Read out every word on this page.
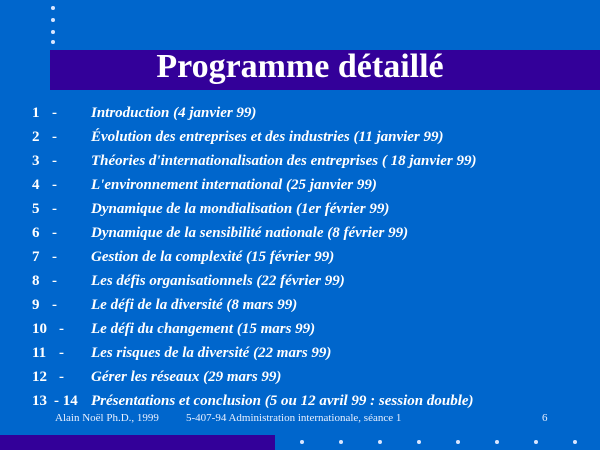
Programme détaillé
1 - Introduction (4 janvier 99)
2 - Évolution des entreprises et des industries (11 janvier 99)
3 - Théories d'internationalisation des entreprises ( 18 janvier 99)
4 - L'environnement international (25 janvier 99)
5 - Dynamique de la mondialisation (1er février 99)
6 - Dynamique de la sensibilité nationale (8 février 99)
7 - Gestion de la complexité (15 février 99)
8 - Les défis organisationnels (22 février 99)
9 - Le défi de la diversité (8 mars 99)
10 - Le défi du changement (15 mars 99)
11 - Les risques de la diversité (22 mars 99)
12 - Gérer les réseaux (29 mars 99)
13 - 14 Présentations et conclusion (5 ou 12 avril 99 : session double)
Alain Noël Ph.D., 1999 5-407-94 Administration internationale, séance 1	6
